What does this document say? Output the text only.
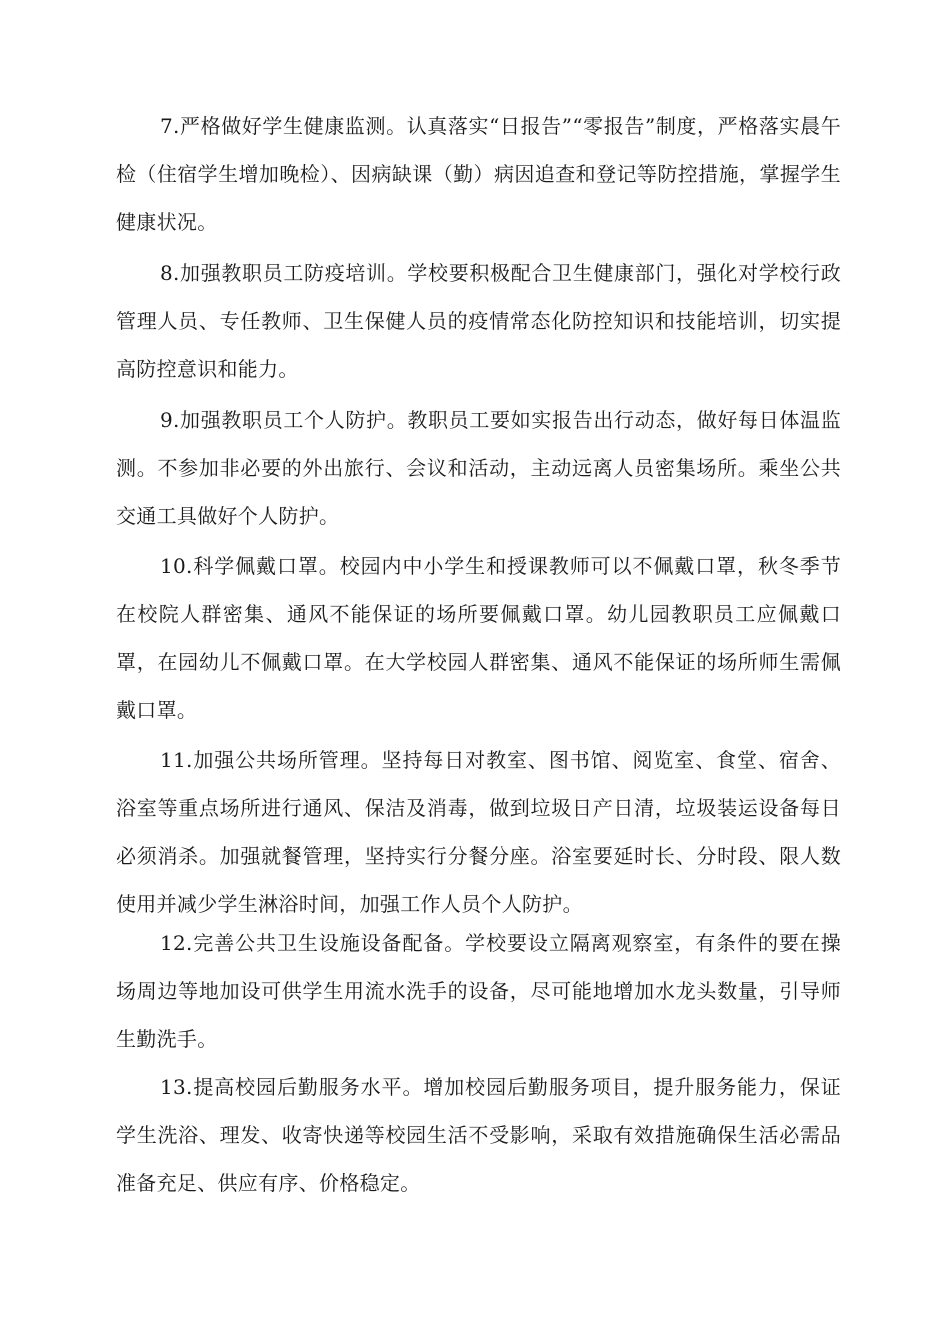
7.严格做好学生健康监测。认真落实“日报告”“零报告”制度，严格落实晨午检（住宿学生增加晚检）、因病缺课（勤）病因追查和登记等防控措施，掌握学生健康状况。

8.加强教职员工防疫培训。学校要积极配合卫生健康部门，强化对学校行政管理人员、专任教师、卫生保健人员的疫情常态化防控知识和技能培训，切实提高防控意识和能力。

9.加强教职员工个人防护。教职员工要如实报告出行动态，做好每日体温监测。不参加非必要的外出旅行、会议和活动，主动远离人员密集场所。乘坐公共交通工具做好个人防护。

10.科学佩戴口罩。校园内中小学生和授课教师可以不佩戴口罩，秋冬季节在校院人群密集、通风不能保证的场所要佩戴口罩。幼儿园教职员工应佩戴口罩，在园幼儿不佩戴口罩。在大学校园人群密集、通风不能保证的场所师生需佩戴口罩。

11.加强公共场所管理。坚持每日对教室、图书馆、阅览室、食堂、宿舍、浴室等重点场所进行通风、保洁及消毒，做到垃圾日产日清，垃圾装运设备每日必须消杀。加强就餐管理，坚持实行分餐分座。浴室要延时长、分时段、限人数使用并减少学生淋浴时间，加强工作人员个人防护。

12.完善公共卫生设施设备配备。学校要设立隔离观察室，有条件的要在操场周边等地加设可供学生用流水洗手的设备，尽可能地增加水龙头数量，引导师生勤洗手。

13.提高校园后勤服务水平。增加校园后勤服务项目，提升服务能力，保证学生洗浴、理发、收寄快递等校园生活不受影响，采取有效措施确保生活必需品准备充足、供应有序、价格稳定。
